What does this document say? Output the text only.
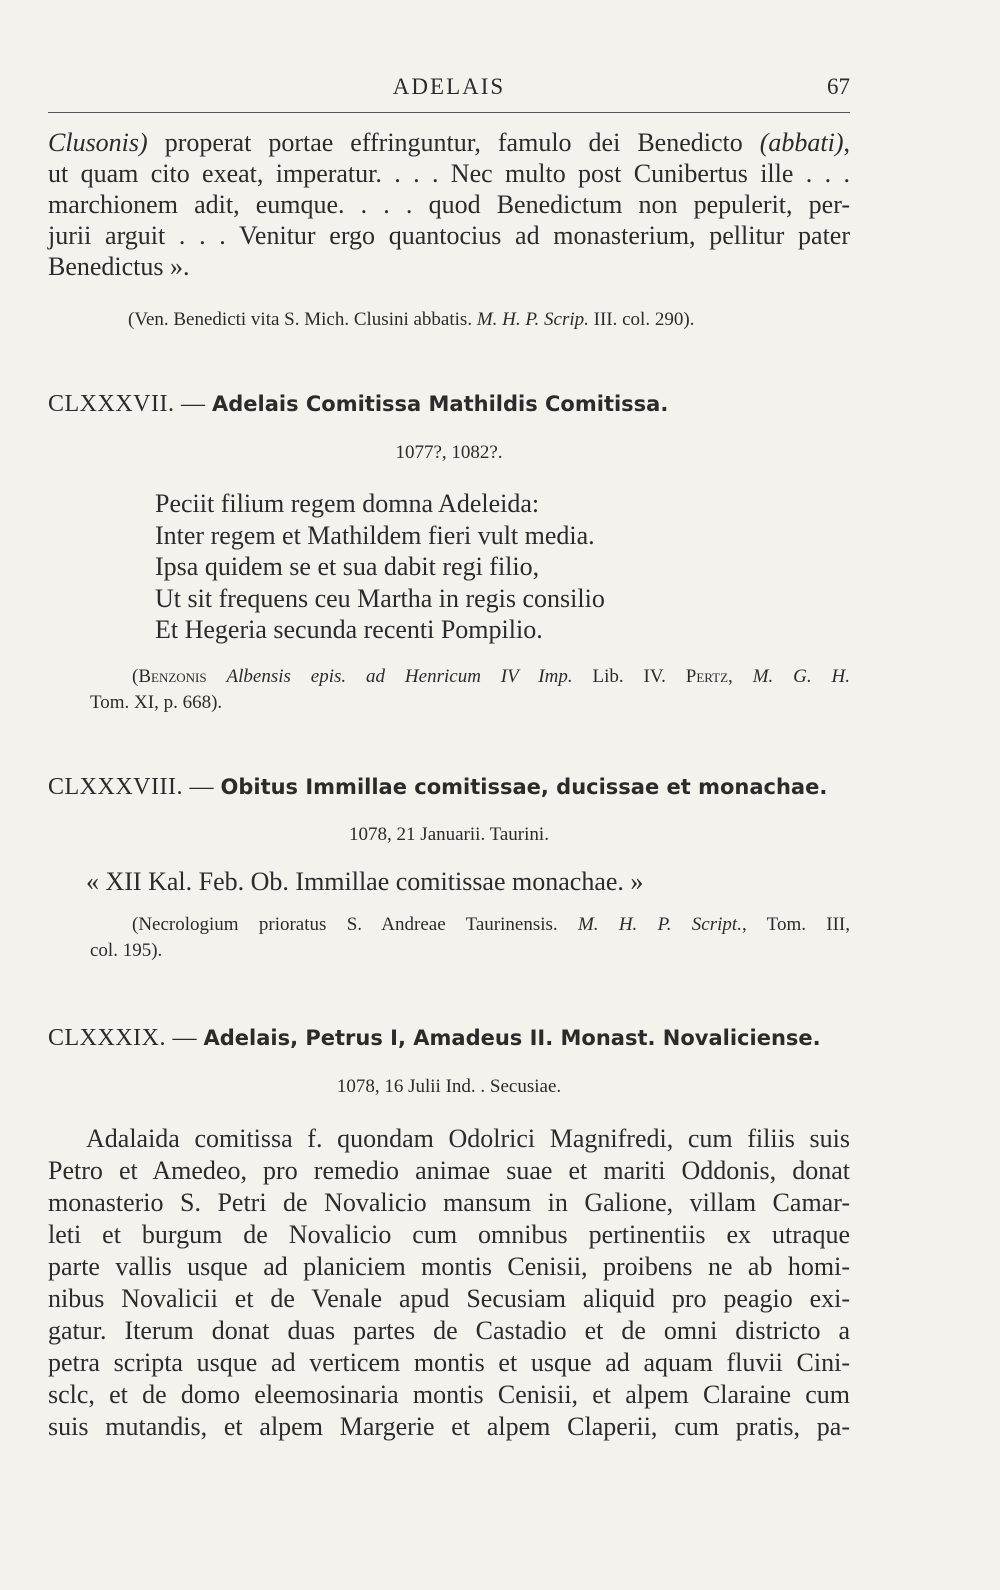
ADELAIS	67
Clusonis) properat portae effringuntur, famulo dei Benedicto (abbati),
ut quam cito exeat, imperatur. . . . Nec multo post Cunibertus ille . . .
marchionem adit, eumque. . . . quod Benedictum non pepulerit, per-
jurii arguit . . . Venitur ergo quantocius ad monasterium, pellitur pater
Benedictus ».
(Ven. Benedicti vita S. Mich. Clusini abbatis. M. H. P. Scrip. III. col. 290).
CLXXXVII. — Adelais Comitissa Mathildis Comitissa.
1077?, 1082?.
Peciit filium regem domna Adeleida:
Inter regem et Mathildem fieri vult media.
Ipsa quidem se et sua dabit regi filio,
Ut sit frequens ceu Martha in regis consilio
Et Hegeria secunda recenti Pompilio.
(Benzonis Albensis epis. ad Henricum IV Imp. Lib. IV. Pertz, M. G. H.
Tom. XI, p. 668).
CLXXXVIII. — Obitus Immillae comitissae, ducissae et monachae.
1078, 21 Januarii. Taurini.
« XII Kal. Feb. Ob. Immillae comitissae monachae. »
(Necrologium prioratus S. Andreae Taurinensis. M. H. P. Script., Tom. III,
col. 195).
CLXXXIX. — Adelais, Petrus I, Amadeus II. Monast. Novaliciense.
1078, 16 Julii Ind. . Secusiae.
Adalaida comitissa f. quondam Odolrici Magnifredi, cum filiis suis
Petro et Amedeo, pro remedio animae suae et mariti Oddonis, donat
monasterio S. Petri de Novalicio mansum in Galione, villam Camar-
leti et burgum de Novalicio cum omnibus pertinentiis ex utraque
parte vallis usque ad planiciem montis Cenisii, proibens ne ab homi-
nibus Novalicii et de Venale apud Secusiam aliquid pro peagio exi-
gatur. Iterum donat duas partes de Castadio et de omni districto a
petra scripta usque ad verticem montis et usque ad aquam fluvii Cini-
sclc, et de domo eleemosinaria montis Cenisii, et alpem Claraine cum
suis mutandis, et alpem Margerie et alpem Claperii, cum pratis, pa-
